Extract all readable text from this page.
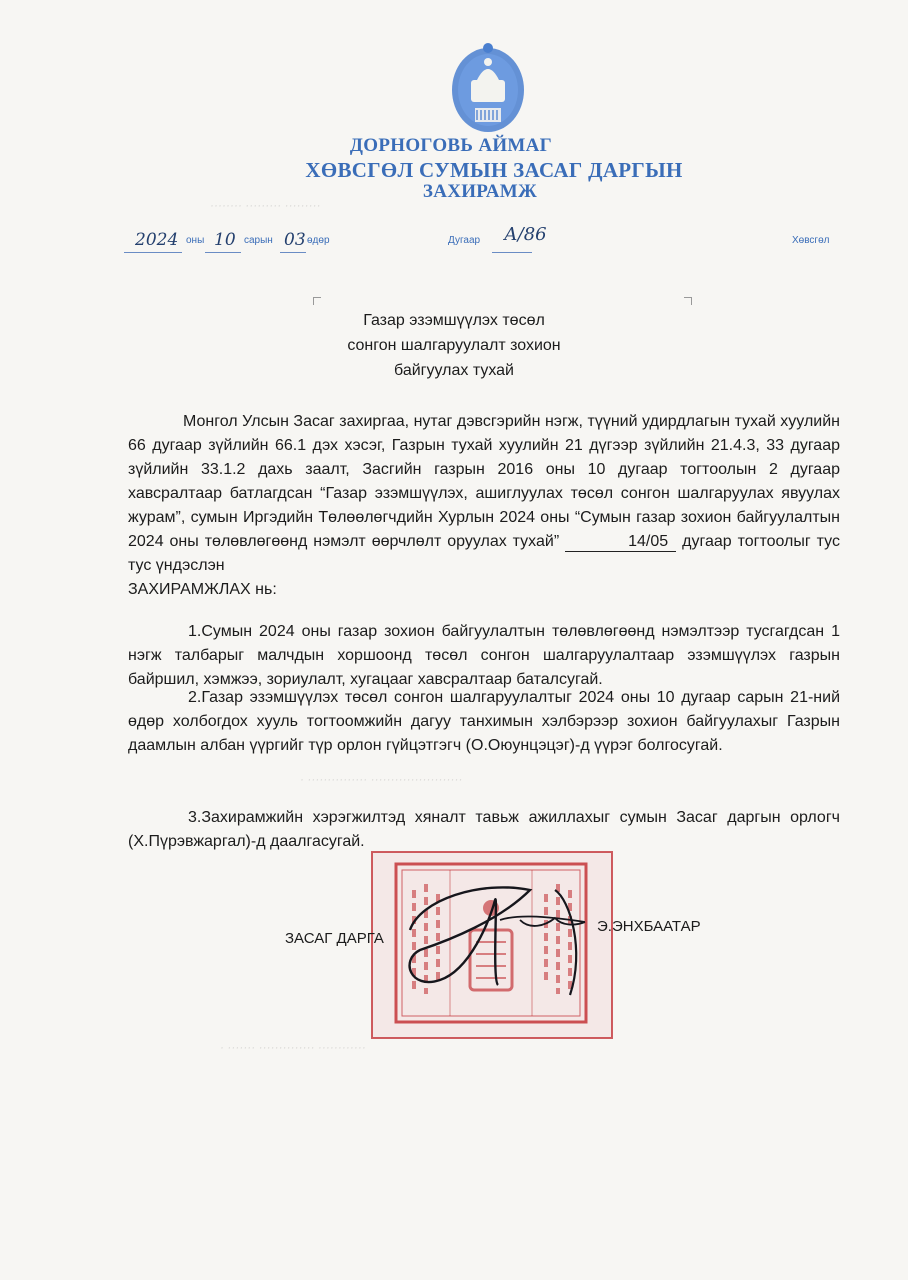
ДОРНОГОВЬ АЙМАГ
ХӨВСГӨЛ СУМЫН ЗАСАГ ДАРГЫН
ЗАХИРАМЖ
········ ········· ·········
2024 оны 10 сарын 03 өдөр	Дугаар А/86	Хөвсгөл
Газар эзэмшүүлэх төсөл
сонгон шалгаруулалт зохион
байгуулах тухай

Монгол Улсын Засаг захиргаа, нутаг дэвсгэрийн нэгж, түүний удирдлагын тухай хуулийн 66 дугаар зүйлийн 66.1 дэх хэсэг, Газрын тухай хуулийн 21 дүгээр зүйлийн 21.4.3, 33 дугаар зүйлийн 33.1.2 дахь заалт, Засгийн газрын 2016 оны 10 дугаар тогтоолын 2 дугаар хавсралтаар батлагдсан “Газар эзэмшүүлэх, ашиглуулах төсөл сонгон шалгаруулах явуулах журам”, сумын Иргэдийн Төлөөлөгчдийн Хурлын 2024 оны “Сумын газар зохион байгуулалтын 2024 оны төлөвлөгөөнд нэмэлт өөрчлөлт оруулах тухай”	14/05 дугаар тогтоолыг тус тус үндэслэн

ЗАХИРАМЖЛАХ нь:

1.Сумын 2024 оны газар зохион байгуулалтын төлөвлөгөөнд нэмэлтээр тусгагдсан 1 нэгж талбарыг малчдын хоршоонд төсөл сонгон шалгаруулалтаар эзэмшүүлэх газрын байршил, хэмжээ, зориулалт, хугацааг хавсралтаар баталсугай.

2.Газар эзэмшүүлэх төсөл сонгон шалгаруулалтыг 2024 оны 10 дугаар сарын 21-ний өдөр холбогдох хууль тогтоомжийн дагуу танхимын хэлбэрээр зохион байгуулахыг Газрын даамлын албан үүргийг түр орлон гүйцэтгэгч (О.Оюунцэцэг)-д үүрэг болгосугай.

· ··············· ·······················

3.Захирамжийн хэрэгжилтэд хяналт тавьж ажиллахыг сумын Засаг даргын орлогч (Х.Пүрэвжаргал)-д даалгасугай.

ЗАСАГ ДАРГА
Э.ЭНХБААТАР
· ······· ·············· ············
